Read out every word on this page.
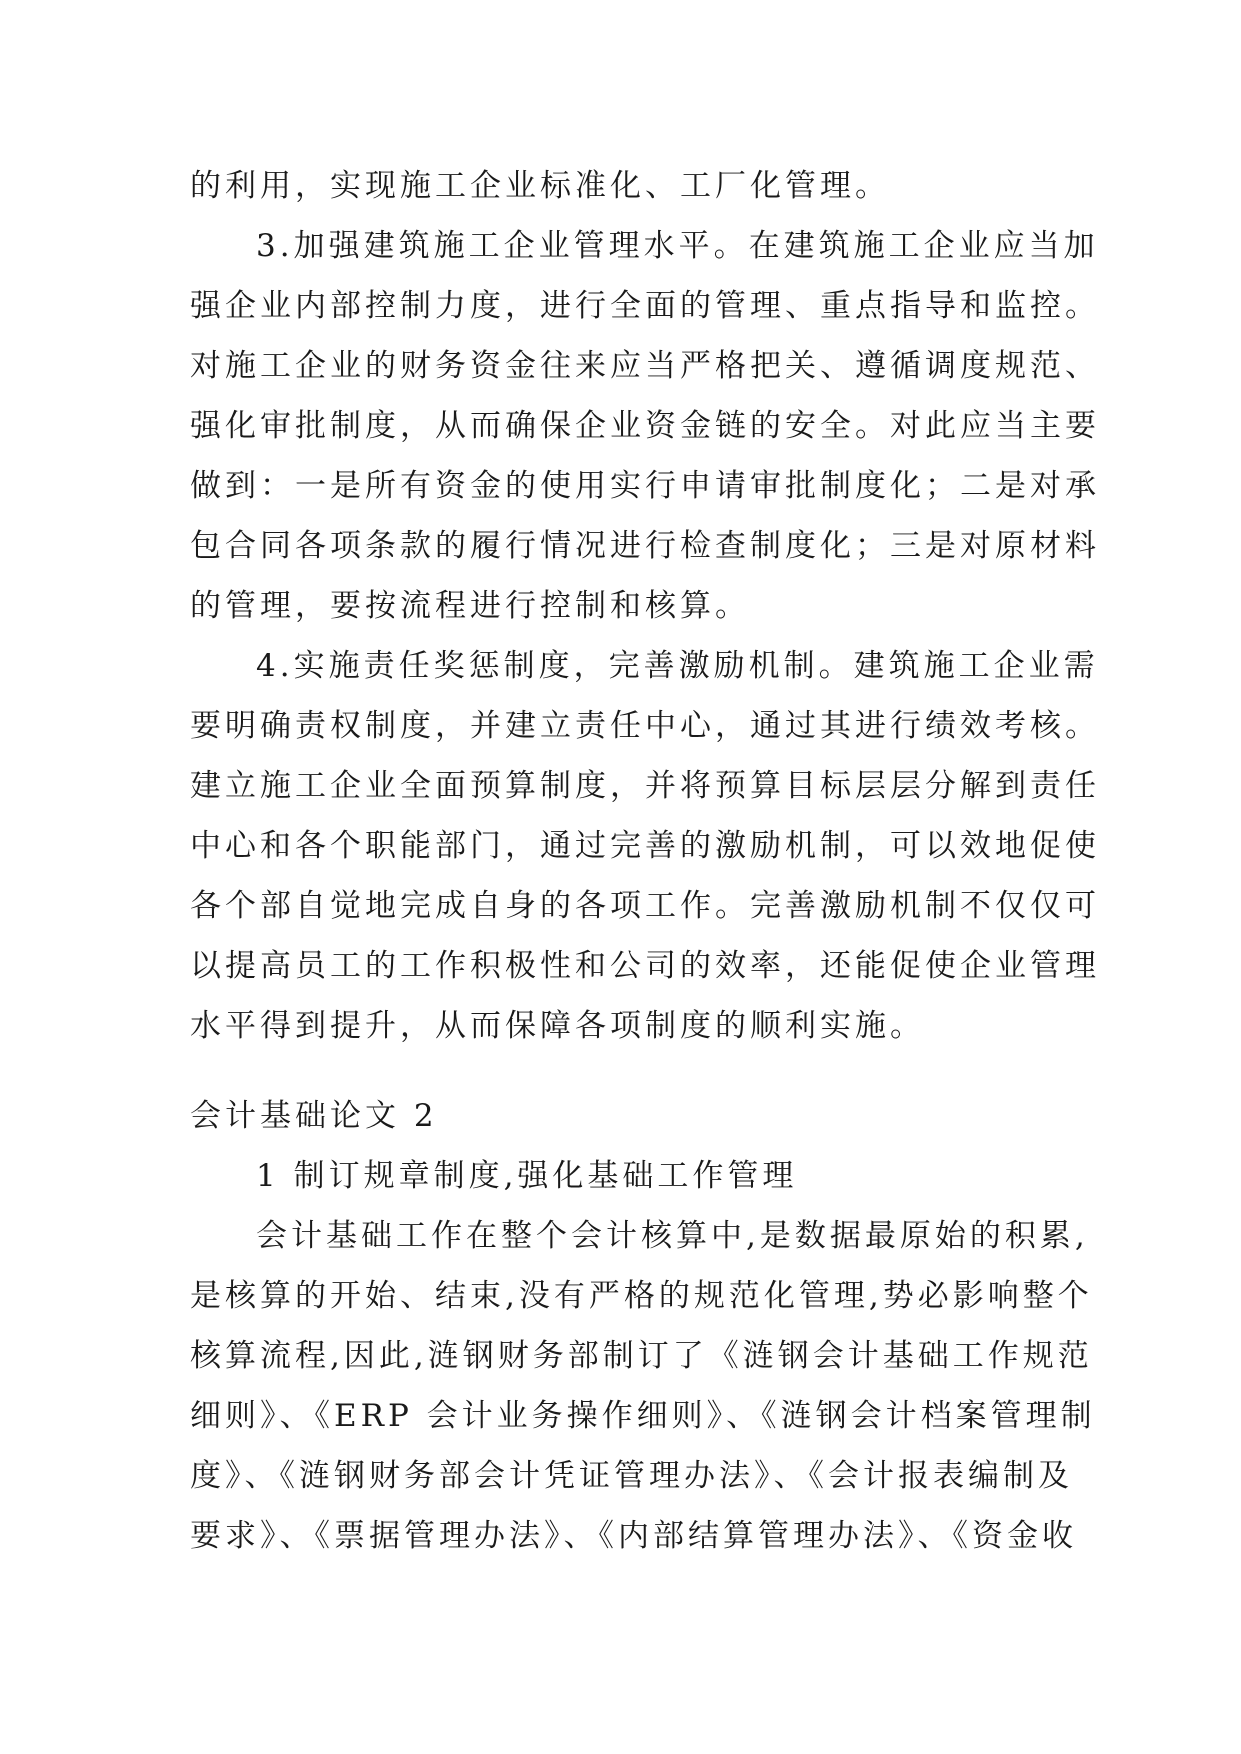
的利用，实现施工企业标准化、工厂化管理。
3.加强建筑施工企业管理水平。在建筑施工企业应当加
强企业内部控制力度，进行全面的管理、重点指导和监控。
对施工企业的财务资金往来应当严格把关、遵循调度规范、
强化审批制度，从而确保企业资金链的安全。对此应当主要
做到：一是所有资金的使用实行申请审批制度化；二是对承
包合同各项条款的履行情况进行检查制度化；三是对原材料
的管理，要按流程进行控制和核算。
4.实施责任奖惩制度，完善激励机制。建筑施工企业需
要明确责权制度，并建立责任中心，通过其进行绩效考核。
建立施工企业全面预算制度，并将预算目标层层分解到责任
中心和各个职能部门，通过完善的激励机制，可以效地促使
各个部自觉地完成自身的各项工作。完善激励机制不仅仅可
以提高员工的工作积极性和公司的效率，还能促使企业管理
水平得到提升，从而保障各项制度的顺利实施。
会计基础论文 2
1 制订规章制度,强化基础工作管理
会计基础工作在整个会计核算中,是数据最原始的积累,
是核算的开始、结束,没有严格的规范化管理,势必影响整个
核算流程,因此,涟钢财务部制订了《涟钢会计基础工作规范
细则》、《ERP 会计业务操作细则》、《涟钢会计档案管理制
度》、《涟钢财务部会计凭证管理办法》、《会计报表编制及
要求》、《票据管理办法》、《内部结算管理办法》、《资金收
